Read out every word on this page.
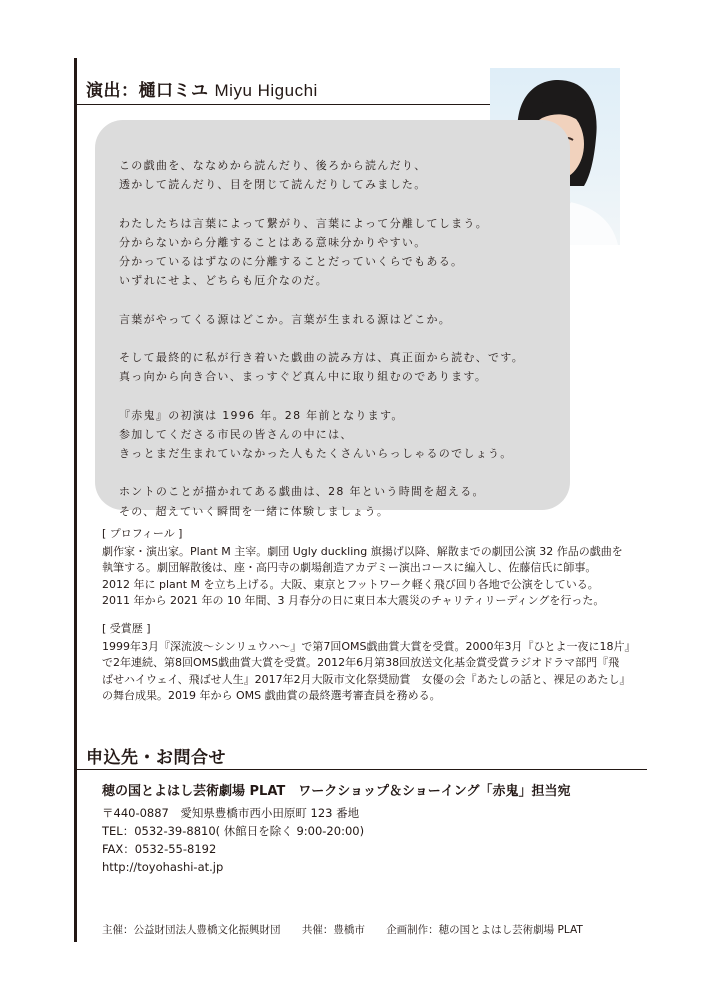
演出：樋口ミユ Miyu Higuchi

この戯曲を、ななめから読んだり、後ろから読んだり、

透かして読んだり、目を閉じて読んだりしてみました。

わたしたちは言葉によって繋がり、言葉によって分離してしまう。

分からないから分離することはある意味分かりやすい。

分かっているはずなのに分離することだっていくらでもある。

いずれにせよ、どちらも厄介なのだ。

言葉がやってくる源はどこか。言葉が生まれる源はどこか。

そして最終的に私が行き着いた戯曲の読み方は、真正面から読む、です。

真っ向から向き合い、まっすぐど真ん中に取り組むのであります。

『赤鬼』の初演は 1996 年。28 年前となります。

参加してくださる市民の皆さんの中には、

きっとまだ生まれていなかった人もたくさんいらっしゃるのでしょう。

ホントのことが描かれてある戯曲は、28 年という時間を超える。

その、超えていく瞬間を一緒に体験しましょう。

[ プロフィール ]

劇作家・演出家。Plant M 主宰。劇団 Ugly duckling 旗揚げ以降、解散までの劇団公演 32 作品の戯曲を

執筆する。劇団解散後は、座・高円寺の劇場創造アカデミー演出コースに編入し、佐藤信氏に師事。

2012 年に plant M を立ち上げる。大阪、東京とフットワーク軽く飛び回り各地で公演をしている。

2011 年から 2021 年の 10 年間、3 月春分の日に東日本大震災のチャリティリーディングを行った。

[ 受賞歴 ]

1999年3月『深流波〜シンリュウハ〜』で第7回OMS戯曲賞大賞を受賞。2000年3月『ひとよ一夜に18片』

で2年連続、第8回OMS戯曲賞大賞を受賞。2012年6月第38回放送文化基金賞受賞ラジオドラマ部門『飛

ばせハイウェイ、飛ばせ人生』2017年2月大阪市文化祭奨励賞　女優の会『あたしの話と、裸足のあたし』

の舞台成果。2019 年から OMS 戯曲賞の最終選考審査員を務める。

申込先・お問合せ
穂の国とよはし芸術劇場 PLAT　ワークショップ＆ショーイング「赤鬼」担当宛

〒440-0887　愛知県豊橋市西小田原町 123 番地

TEL：0532-39-8810( 休館日を除く 9:00-20:00)

FAX：0532-55-8192

http://toyohashi-at.jp

主催：公益財団法人豊橋文化振興財団 共催：豊橋市 企画制作：穂の国とよはし芸術劇場 PLAT
